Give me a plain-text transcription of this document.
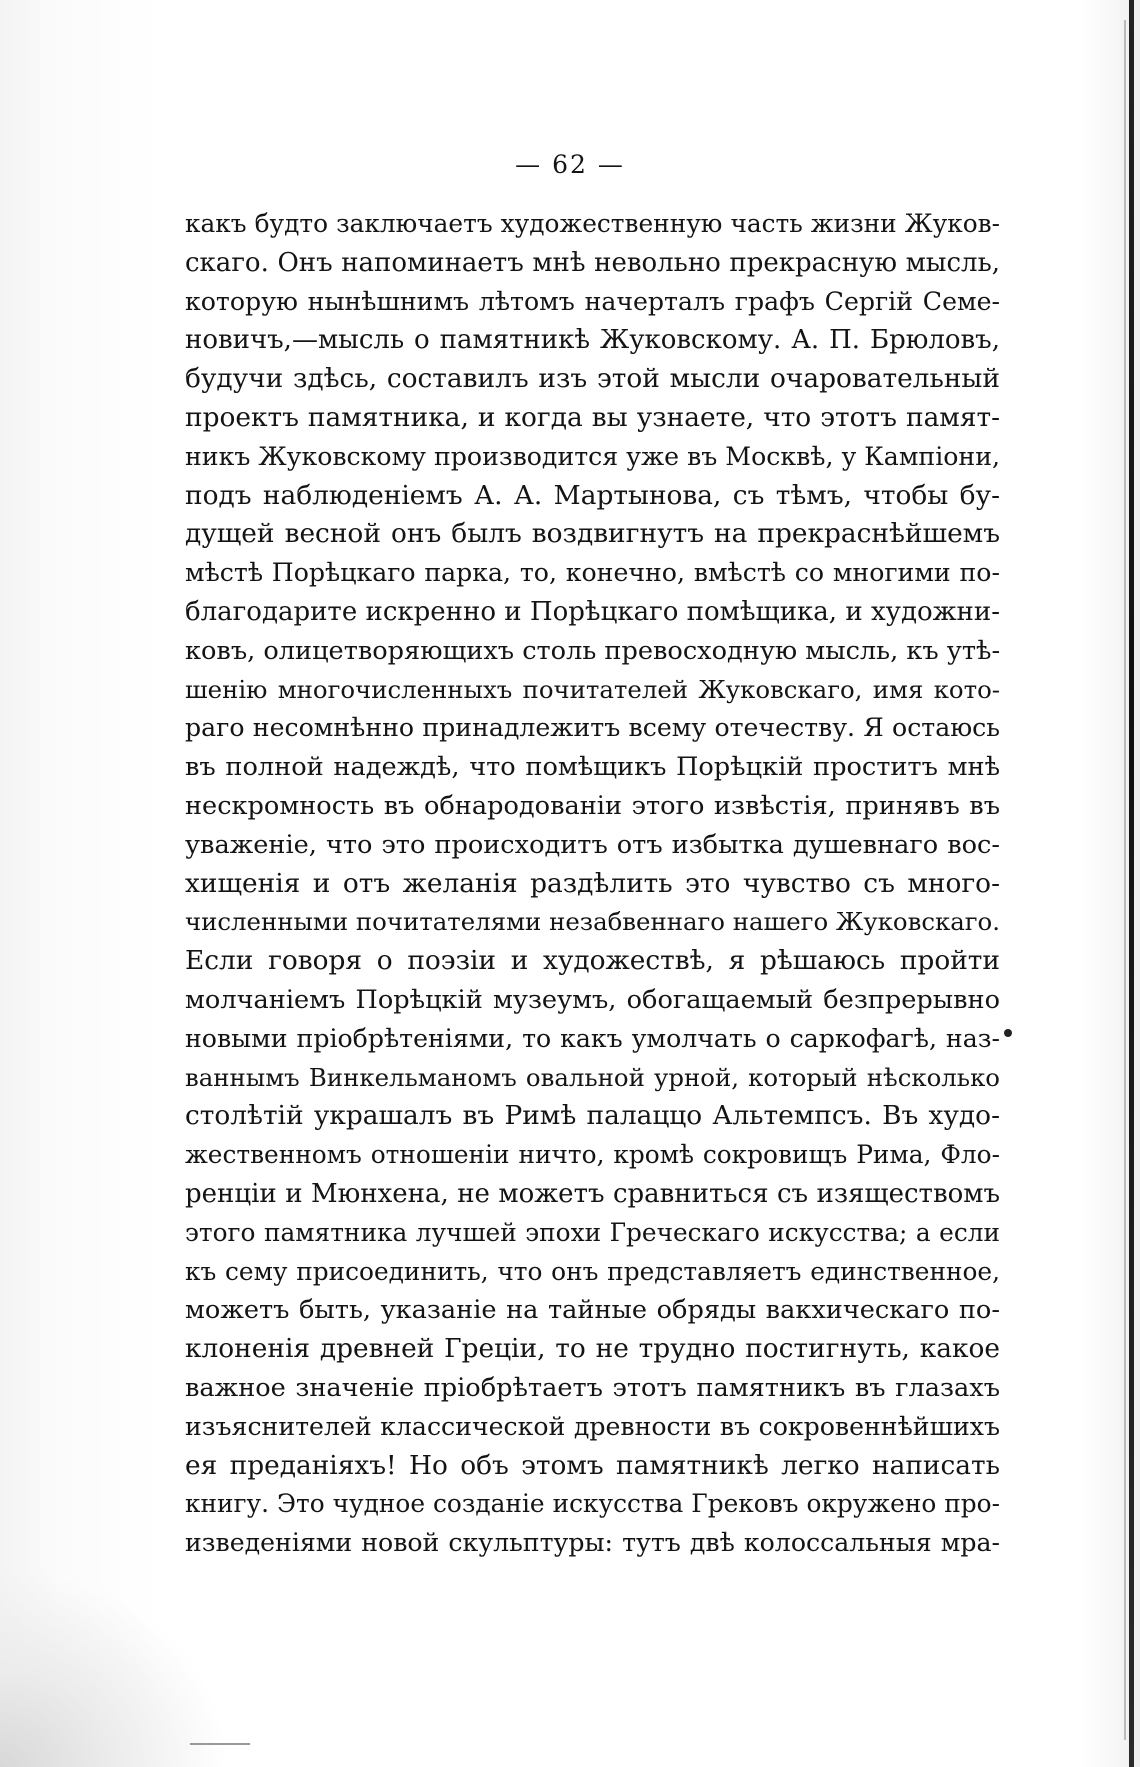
— 62 —
какъ будто заключаетъ художественную часть жизни Жуков-
скаго. Онъ напоминаетъ мнѣ невольно прекрасную мысль,
которую нынѣшнимъ лѣтомъ начерталъ графъ Сергій Семе-
новичъ,—мысль о памятникѣ Жуковскому. А. П. Брюловъ,
будучи здѣсь, составилъ изъ этой мысли очаровательный
проектъ памятника, и когда вы узнаете, что этотъ памят-
никъ Жуковскому производится уже въ Москвѣ, у Кампіони,
подъ наблюденіемъ А. А. Мартынова, съ тѣмъ, чтобы бу-
дущей весной онъ былъ воздвигнутъ на прекраснѣйшемъ
мѣстѣ Порѣцкаго парка, то, конечно, вмѣстѣ со многими по-
благодарите искренно и Порѣцкаго помѣщика, и художни-
ковъ, олицетворяющихъ столь превосходную мысль, къ утѣ-
шенію многочисленныхъ почитателей Жуковскаго, имя кото-
раго несомнѣнно принадлежитъ всему отечеству. Я остаюсь
въ полной надеждѣ, что помѣщикъ Порѣцкій проститъ мнѣ
нескромность въ обнародованіи этого извѣстія, принявъ въ
уваженіе, что это происходитъ отъ избытка душевнаго вос-
хищенія и отъ желанія раздѣлить это чувство съ много-
численными почитателями незабвеннаго нашего Жуковскаго.
Если говоря о поэзіи и художествѣ, я рѣшаюсь пройти
молчаніемъ Порѣцкій музеумъ, обогащаемый безпрерывно
новыми пріобрѣтеніями, то какъ умолчать о саркофагѣ, наз-
ваннымъ Винкельманомъ овальной урной, который нѣсколько
столѣтій украшалъ въ Римѣ палаццо Альтемпсъ. Въ худо-
жественномъ отношеніи ничто, кромѣ сокровищъ Рима, Фло-
ренціи и Мюнхена, не можетъ сравниться съ изяществомъ
этого памятника лучшей эпохи Греческаго искусства; а если
къ сему присоединить, что онъ представляетъ единственное,
можетъ быть, указаніе на тайные обряды вакхическаго по-
клоненія древней Греціи, то не трудно постигнуть, какое
важное значеніе пріобрѣтаетъ этотъ памятникъ въ глазахъ
изъяснителей классической древности въ сокровеннѣйшихъ
ея преданіяхъ! Но объ этомъ памятникѣ легко написать
книгу. Это чудное созданіе искусства Грековъ окружено про-
изведеніями новой скульптуры: тутъ двѣ колоссальныя мра-
